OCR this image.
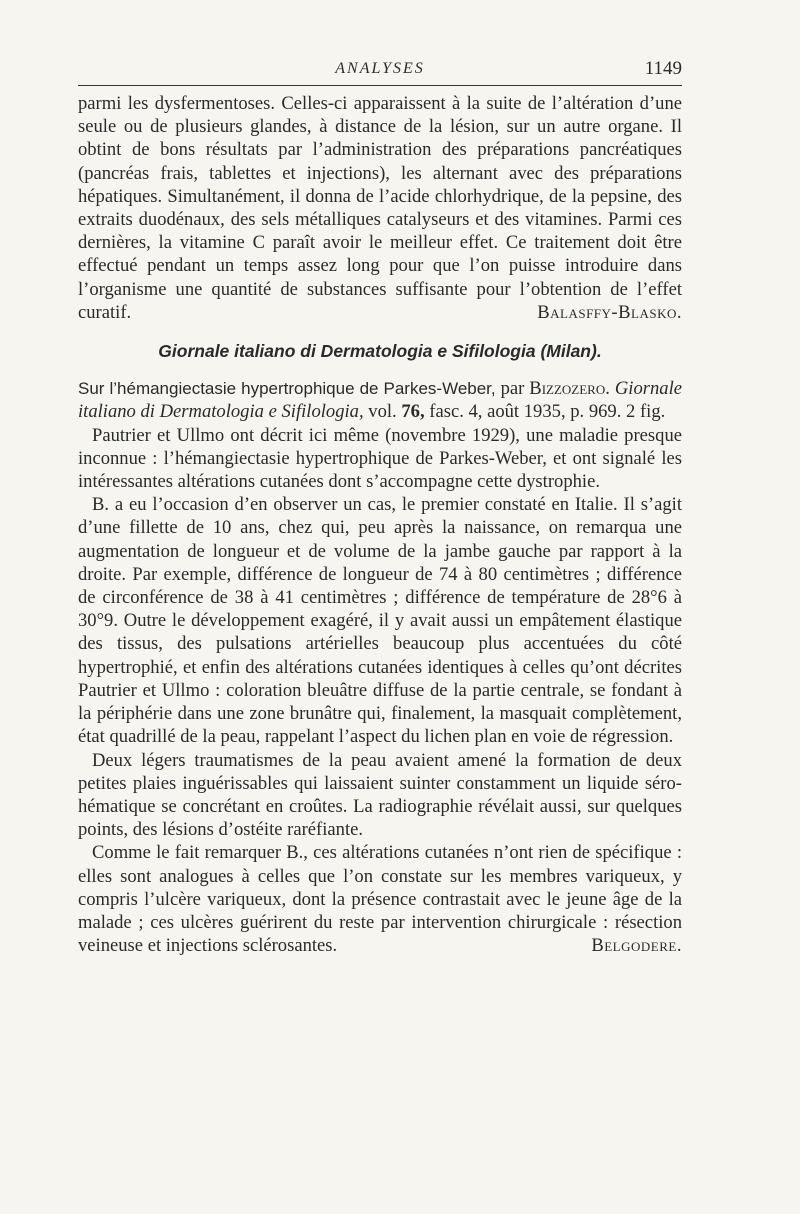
ANALYSES	1149

parmi les dysfermentoses. Celles-ci apparaissent à la suite de l’altération d’une seule ou de plusieurs glandes, à distance de la lésion, sur un autre organe. Il obtint de bons résultats par l’administration des préparations pancréatiques (pancréas frais, tablettes et injections), les alternant avec des préparations hépatiques. Simultanément, il donna de l’acide chlorhydrique, de la pepsine, des extraits duodénaux, des sels métalliques catalyseurs et des vitamines. Parmi ces dernières, la vitamine C paraît avoir le meilleur effet. Ce traitement doit être effectué pendant un temps assez long pour que l’on puisse introduire dans l’organisme une quantité de substances suffisante pour l’obtention de l’effet curatif.	Balasffy-Blasko.
Giornale italiano di Dermatologia e Sifilologia (Milan).

Sur l’hémangiectasie hypertrophique de Parkes-Weber, par Bizzozero. Giornale italiano di Dermatologia e Sifilologia, vol. 76, fasc. 4, août 1935, p. 969. 2 fig.

Pautrier et Ullmo ont décrit ici même (novembre 1929), une maladie presque inconnue : l’hémangiectasie hypertrophique de Parkes-Weber, et ont signalé les intéressantes altérations cutanées dont s’accompagne cette dystrophie.

B. a eu l’occasion d’en observer un cas, le premier constaté en Italie. Il s’agit d’une fillette de 10 ans, chez qui, peu après la naissance, on remarqua une augmentation de longueur et de volume de la jambe gauche par rapport à la droite. Par exemple, différence de longueur de 74 à 80 centimètres ; différence de circonférence de 38 à 41 centimètres ; différence de température de 28°6 à 30°9. Outre le développement exagéré, il y avait aussi un empâtement élastique des tissus, des pulsations artérielles beaucoup plus accentuées du côté hypertrophié, et enfin des altérations cutanées identiques à celles qu’ont décrites Pautrier et Ullmo : coloration bleuâtre diffuse de la partie centrale, se fondant à la périphérie dans une zone brunâtre qui, finalement, la masquait complètement, état quadrillé de la peau, rappelant l’aspect du lichen plan en voie de régression.

Deux légers traumatismes de la peau avaient amené la formation de deux petites plaies inguérissables qui laissaient suinter constamment un liquide séro-hématique se concrétant en croûtes. La radiographie révélait aussi, sur quelques points, des lésions d’ostéite raréfiante.

Comme le fait remarquer B., ces altérations cutanées n’ont rien de spécifique : elles sont analogues à celles que l’on constate sur les membres variqueux, y compris l’ulcère variqueux, dont la présence contrastait avec le jeune âge de la malade ; ces ulcères guérirent du reste par intervention chirurgicale : résection veineuse et injections sclérosantes.	Belgodere.
